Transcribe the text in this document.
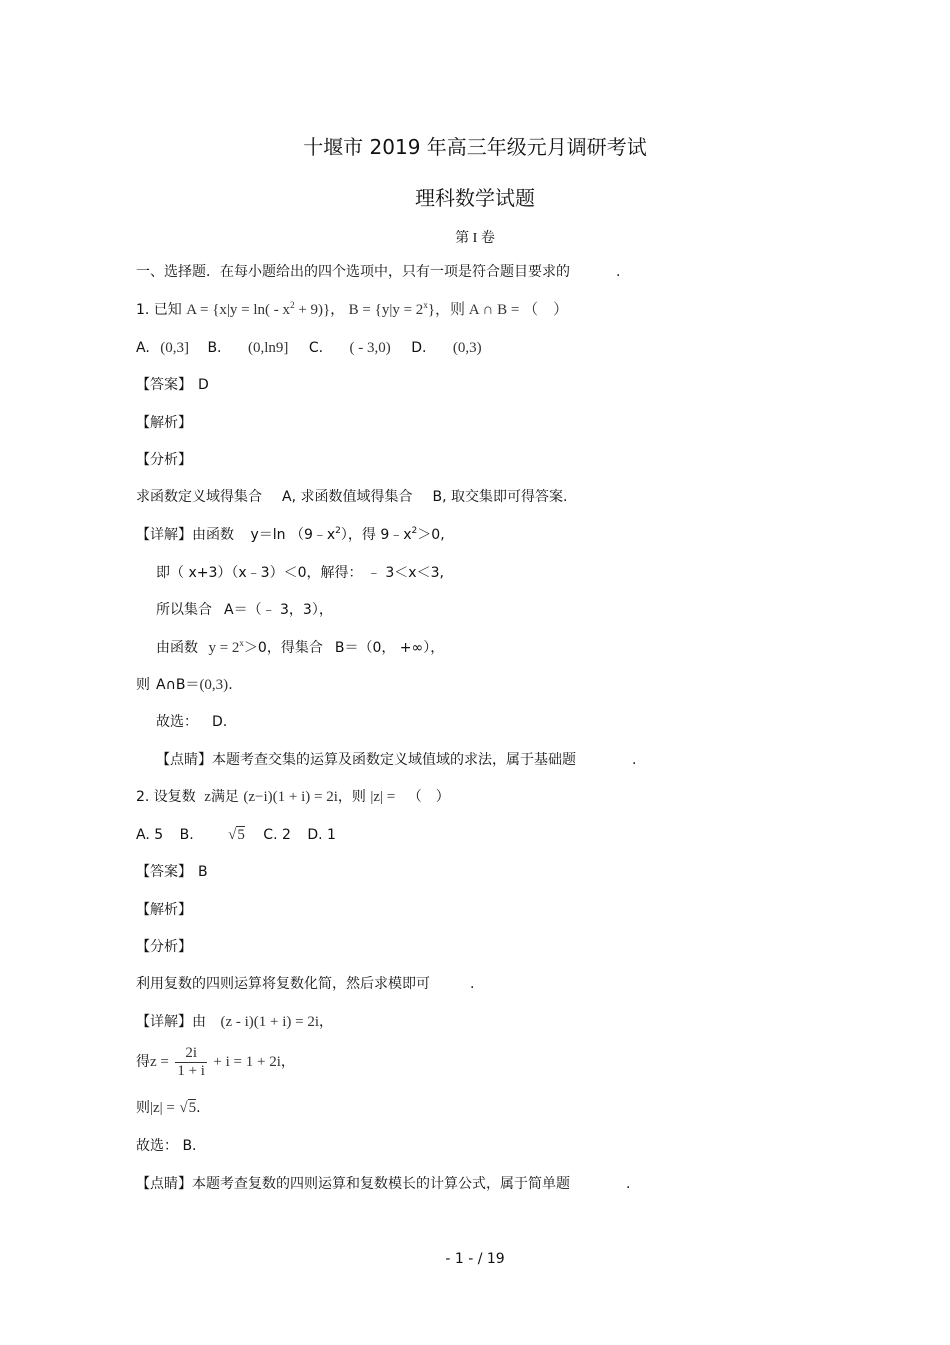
十堰市 2019 年高三年级元月调研考试
理科数学试题
第 I 卷
一、选择题．在每小题给出的四个选项中，只有一项是符合题目要求的	.
1. 已知 $A = \{x|y = \ln( - x^2 + 9)\}$， $B = \{y|y = 2^x\}$，则 A ∩ B = （　）
A. (0,3] B. (0,ln9] C. ( - 3,0) D. (0,3)
【答案】 D
【解析】
【分析】
求函数定义域得集合 A, 求函数值域得集合 B, 取交集即可得答案.
【详解】由函数 y＝ln $(9﹣x^2)$，得 $9﹣x^2>0$,
即（ x+3）（x﹣3）＜0，解得： ﹣ 3＜x＜3,
所以集合 A＝（﹣ 3，3），
由函数 $y = 2^x>0$，得集合 B＝（0， +∞），
则 A∩B＝(0,3).
故选： D.
【点睛】本题考查交集的运算及函数定义域值域的求法，属于基础题	.
2. 设复数 z满足 (z−i)(1 + i) = 2i，则 |z| = （　）
A. 5 B. √5 C. 2 D. 1
【答案】 B
【解析】
【分析】
利用复数的四则运算将复数化简，然后求模即可	.
【详解】由 (z - i)(1 + i) = 2i，
得$z = \frac{2i}{1 + i} + i = 1 + 2i$，
则|z| = √5.
故选： B.
【点睛】本题考查复数的四则运算和复数模长的计算公式，属于简单题	.
- 1 - / 19
